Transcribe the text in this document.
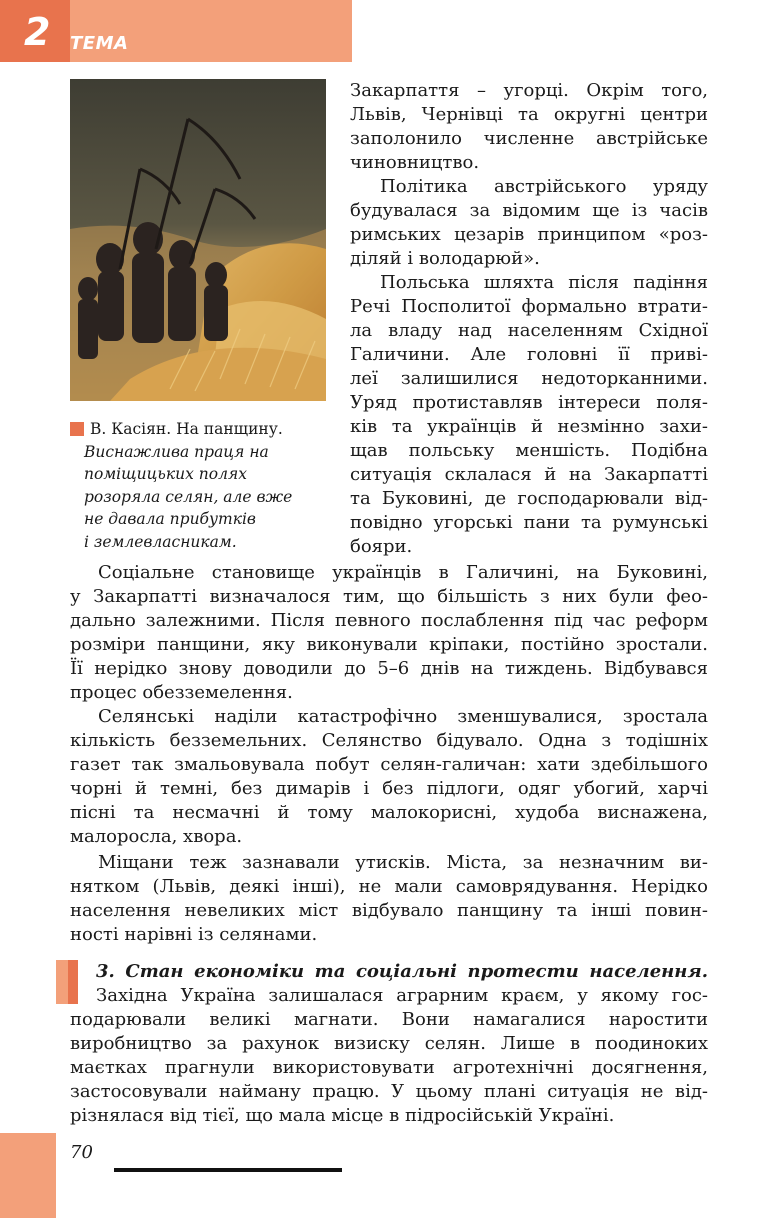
2 ТЕМА
В. Касіян. На панщину.
Виснажлива праця на
поміщицьких полях
розоряла селян, але вже
не давала прибутків
і землевласникам.
Закарпаття – угорці. Окрім того,
Львів, Чернівці та округні центри
заполонило численне австрійське
чиновництво.
Політика австрійського уряду
будувалася за відомим ще із часів
римських цезарів принципом «роз-
діляй і володарюй».
Польська шляхта після падіння
Речі Посполитої формально втрати-
ла владу над населенням Східної
Галичини. Але головні її приві-
леї залишилися недоторканними.
Уряд протиставляв інтереси поля-
ків та українців й незмінно захи-
щав польську меншість. Подібна
ситуація склалася й на Закарпатті
та Буковині, де господарювали від-
повідно угорські пани та румунські
бояри.
Соціальне становище українців в Галичині, на Буковині,
у Закарпатті визначалося тим, що більшість з них були фео-
дально залежними. Після певного послаблення під час реформ
розміри панщини, яку виконували кріпаки, постійно зростали.
Її нерідко знову доводили до 5–6 днів на тиждень. Відбувався
процес обезземелення.
Селянські наділи катастрофічно зменшувалися, зростала
кількість безземельних. Селянство бідувало. Одна з тодішніх
газет так змальовувала побут селян-галичан: хати здебільшого
чорні й темні, без димарів і без підлоги, одяг убогий, харчі
пісні та несмачні й тому малокорисні, худоба виснажена,
малоросла, хвора.
Міщани теж зазнавали утисків. Міста, за незначним ви-
нятком (Львів, деякі інші), не мали самоврядування. Нерідко
населення невеликих міст відбувало панщину та інші повин-
ності нарівні із селянами.
3. Стан економіки та соціальні протести населення.
Західна Україна залишалася аграрним краєм, у якому гос-
подарювали великі магнати. Вони намагалися наростити
виробництво за рахунок визиску селян. Лише в поодиноких
маєтках прагнули використовувати агротехнічні досягнення,
застосовували найману працю. У цьому плані ситуація не від-
різнялася від тієї, що мала місце в підросійській Україні.
70
